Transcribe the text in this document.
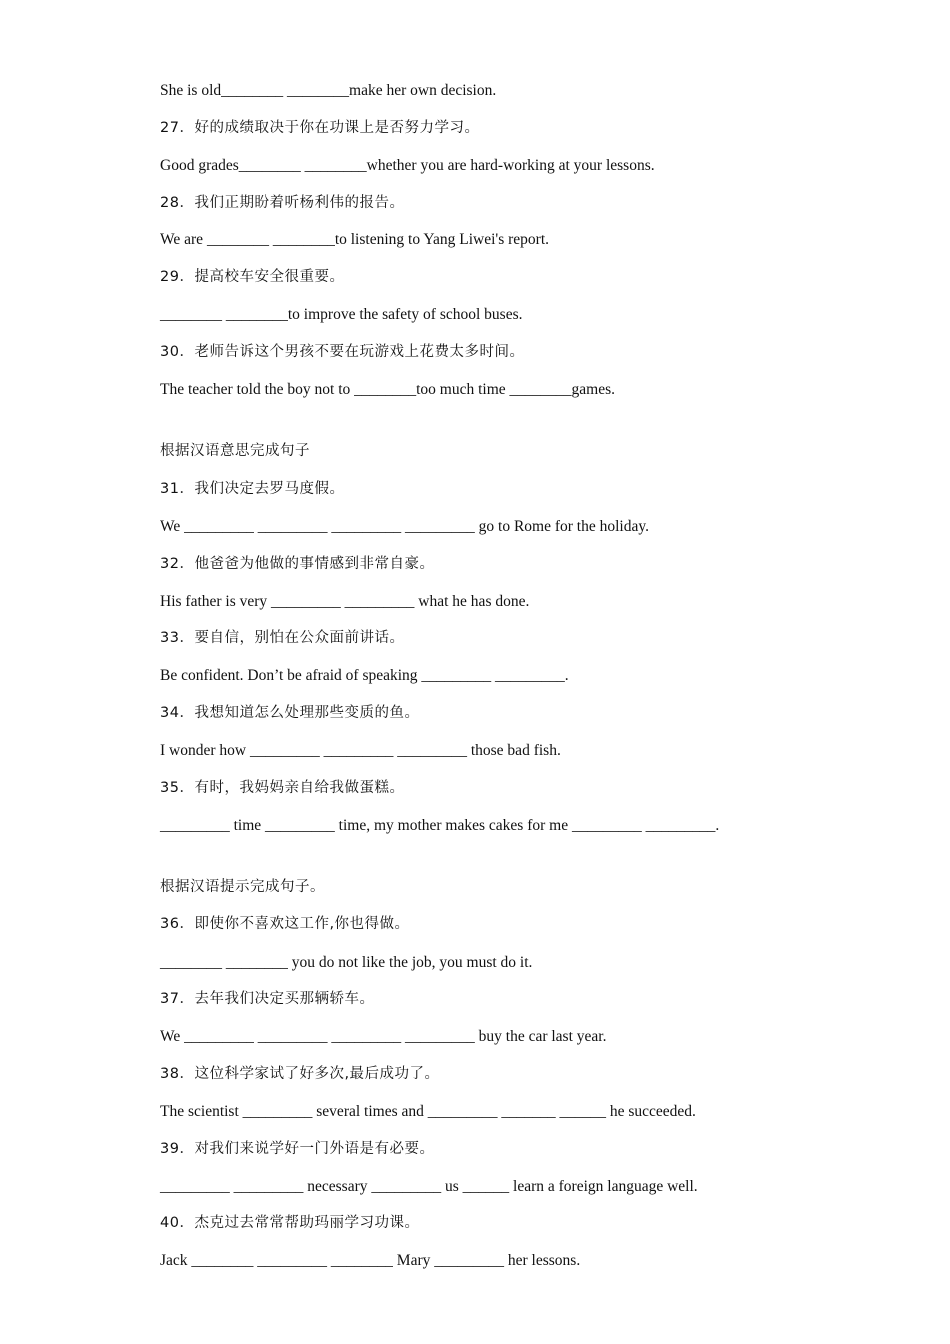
She is old________ ________make her own decision.
27．好的成绩取决于你在功课上是否努力学习。
Good grades________ ________whether you are hard-working at your lessons.
28．我们正期盼着听杨利伟的报告。
We are ________ ________to listening to Yang Liwei's report.
29．提高校车安全很重要。
________ ________to improve the safety of school buses.
30．老师告诉这个男孩不要在玩游戏上花费太多时间。
The teacher told the boy not to ________too much time ________games.
根据汉语意思完成句子
31．我们决定去罗马度假。
We _________ _________ _________ _________ go to Rome for the holiday.
32．他爸爸为他做的事情感到非常自豪。
His father is very _________ _________ what he has done.
33．要自信，别怕在公众面前讲话。
Be confident. Don’t be afraid of speaking _________ _________.
34．我想知道怎么处理那些变质的鱼。
I wonder how _________ _________ _________ those bad fish.
35．有时，我妈妈亲自给我做蛋糕。
_________ time _________ time, my mother makes cakes for me _________ _________.
根据汉语提示完成句子。
36．即使你不喜欢这工作,你也得做。
________ ________ you do not like the job, you must do it.
37．去年我们决定买那辆轿车。
We _________ _________ _________ _________ buy the car last year.
38．这位科学家试了好多次,最后成功了。
The scientist _________ several times and _________ _______ ______ he succeeded.
39．对我们来说学好一门外语是有必要。
_________ _________ necessary _________ us ______ learn a foreign language well.
40．杰克过去常常帮助玛丽学习功课。
Jack ________ _________ ________ Mary _________ her lessons.
